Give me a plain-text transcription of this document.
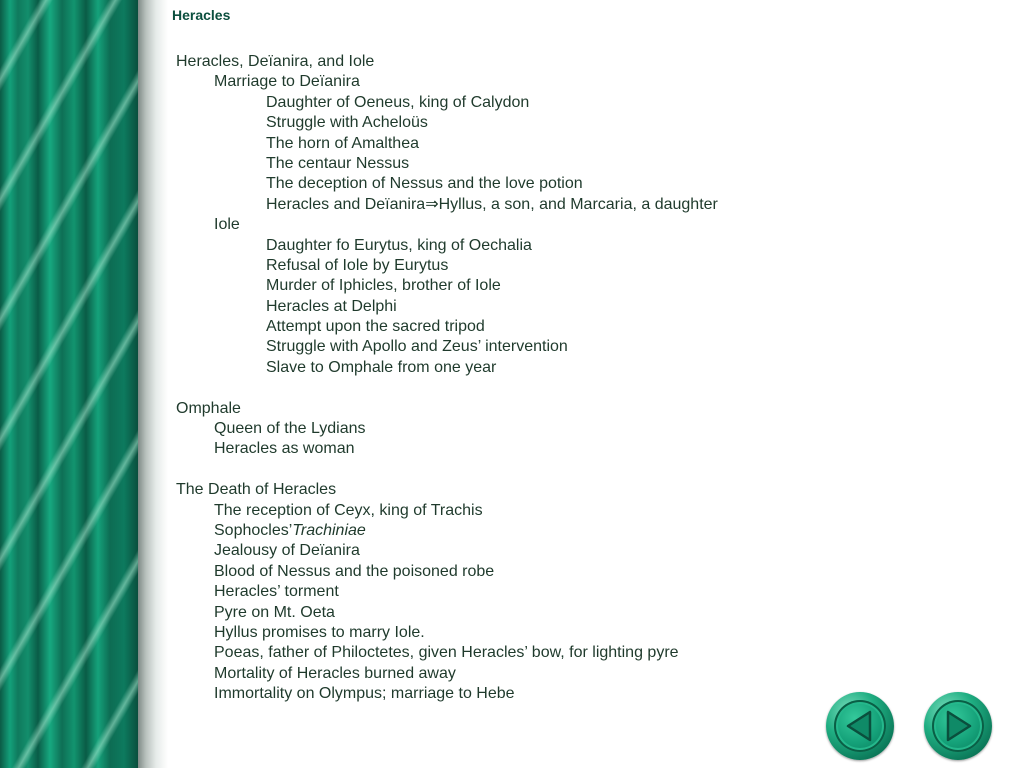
Heracles
Heracles, Deïanira, and Iole
Marriage to Deïanira
Daughter of Oeneus, king of Calydon
Struggle with Acheloüs
The horn of Amalthea
The centaur Nessus
The deception of Nessus and the love potion
Heracles and Deïanira⇒Hyllus, a son, and Marcaria, a daughter
Iole
Daughter fo Eurytus, king of Oechalia
Refusal of Iole by Eurytus
Murder of Iphicles, brother of Iole
Heracles at Delphi
Attempt upon the sacred tripod
Struggle with Apollo and Zeus’ intervention
Slave to Omphale from one year
Omphale
Queen of the Lydians
Heracles as woman
The Death of Heracles
The reception of Ceyx, king of Trachis
Sophocles’Trachiniae
Jealousy of Deïanira
Blood of Nessus and the poisoned robe
Heracles’ torment
Pyre on Mt. Oeta
Hyllus promises to marry Iole.
Poeas, father of Philoctetes, given Heracles’ bow, for lighting pyre
Mortality of Heracles burned away
Immortality on Olympus; marriage to Hebe
